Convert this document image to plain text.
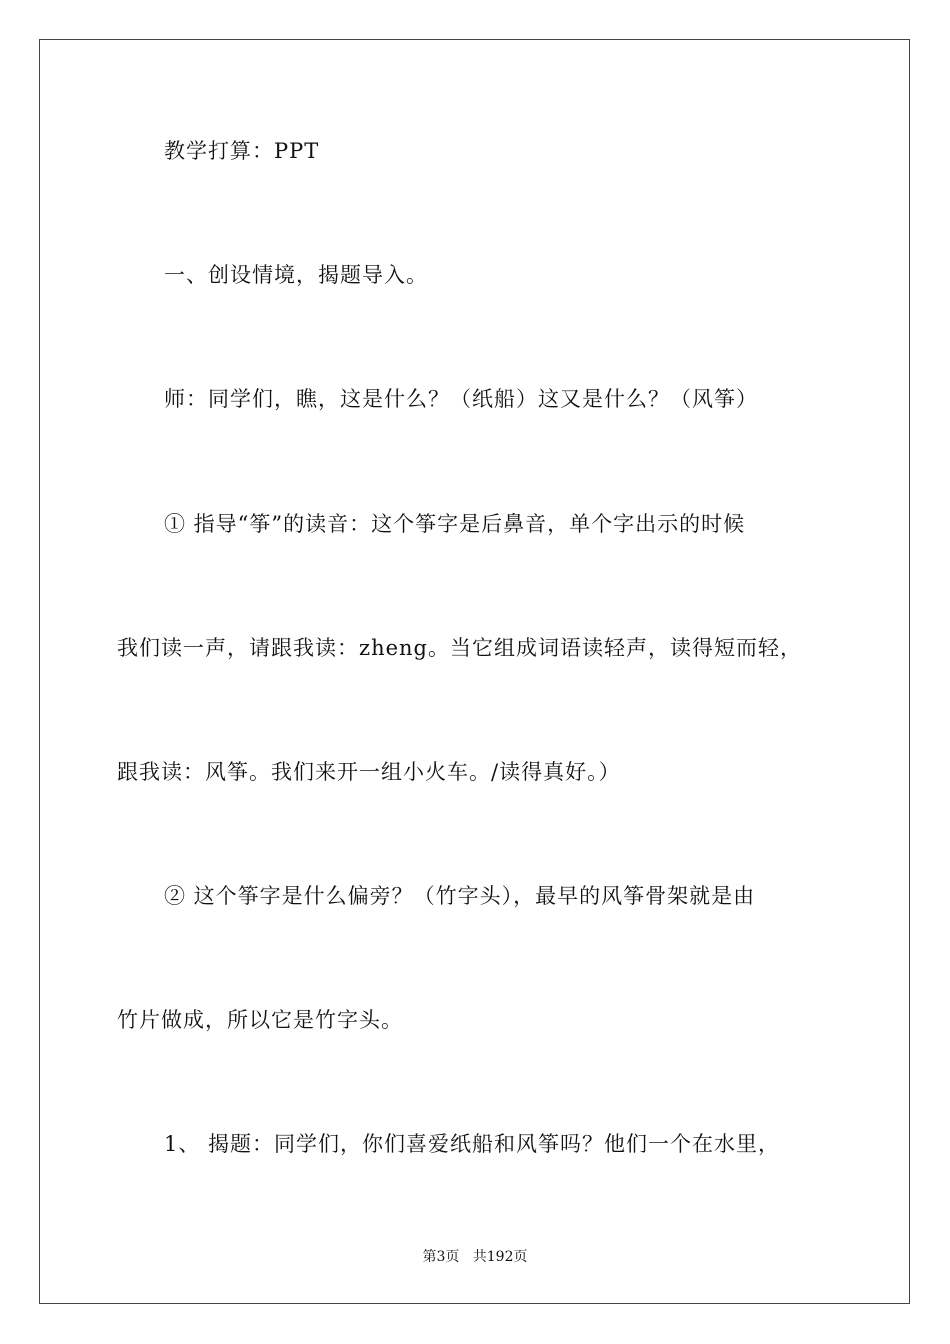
教学打算：PPT
一、创设情境，揭题导入。
师：同学们，瞧，这是什么？（纸船）这又是什么？（风筝）
① 指导“筝”的读音：这个筝字是后鼻音，单个字出示的时候
我们读一声，请跟我读：zheng。当它组成词语读轻声，读得短而轻，
跟我读：风筝。我们来开一组小火车。/读得真好。）
② 这个筝字是什么偏旁？（竹字头），最早的风筝骨架就是由
竹片做成，所以它是竹字头。
1、 揭题：同学们，你们喜爱纸船和风筝吗？他们一个在水里，
第3页   共192页
